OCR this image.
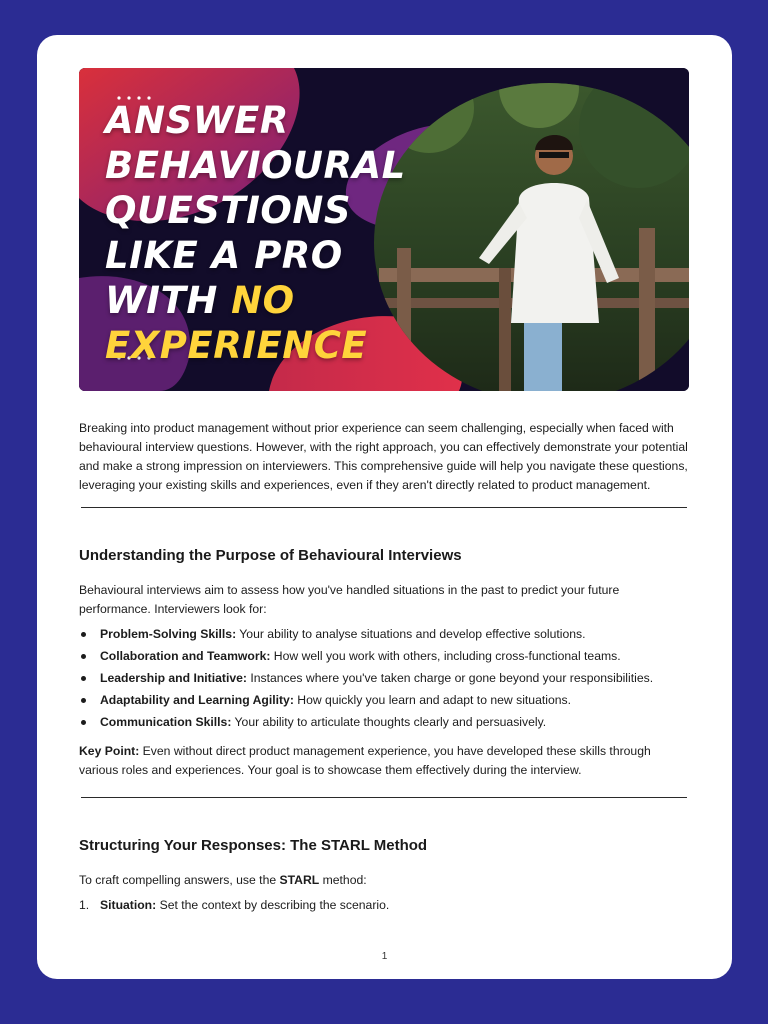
ANSWER
BEHAVIOURAL
QUESTIONS
LIKE A PRO
WITH NO
EXPERIENCE

Breaking into product management without prior experience can seem challenging, especially when faced with behavioural interview questions. However, with the right approach, you can effectively demonstrate your potential and make a strong impression on interviewers. This comprehensive guide will help you navigate these questions, leveraging your existing skills and experiences, even if they aren't directly related to product management.

Understanding the Purpose of Behavioural Interviews

Behavioural interviews aim to assess how you've handled situations in the past to predict your future performance. Interviewers look for:

Problem-Solving Skills: Your ability to analyse situations and develop effective solutions.
Collaboration and Teamwork: How well you work with others, including cross-functional teams.
Leadership and Initiative: Instances where you've taken charge or gone beyond your responsibilities.
Adaptability and Learning Agility: How quickly you learn and adapt to new situations.
Communication Skills: Your ability to articulate thoughts clearly and persuasively.

Key Point: Even without direct product management experience, you have developed these skills through various roles and experiences. Your goal is to showcase them effectively during the interview.

Structuring Your Responses: The STARL Method

To craft compelling answers, use the STARL method:

1. Situation: Set the context by describing the scenario.
1
